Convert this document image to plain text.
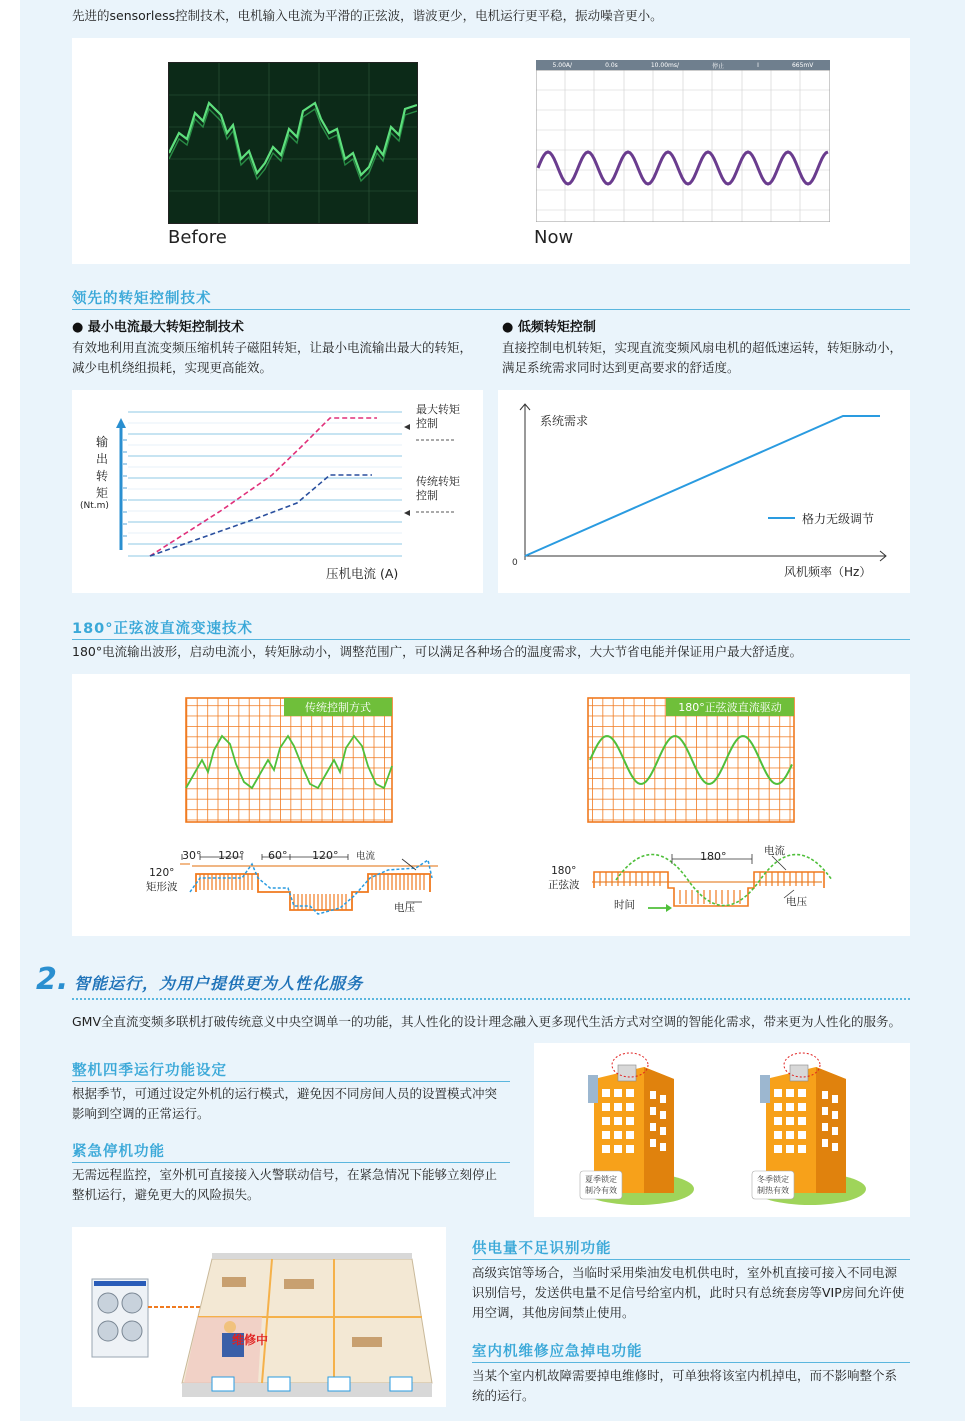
先进的sensorless控制技术，电机输入电流为平滑的正弦波，谐波更少，电机运行更平稳，振动噪音更小。
Before
5.00A/	0.0s	10.00ms/	停止	Ⅰ	665mV
Now
领先的转矩控制技术
● 最小电流最大转矩控制技术
有效地利用直流变频压缩机转子磁阻转矩，让最小电流输出最大的转矩，减少电机绕组损耗，实现更高能效。
● 低频转矩控制
直接控制电机转矩，实现直流变频风扇电机的超低速运转，转矩脉动小，满足系统需求同时达到更高要求的舒适度。
输
出
转
矩
(Nt.m)
压机电流 (A)
最大转矩
控制
传统转矩
控制
系统需求
0
格力无级调节
风机频率（Hz）
180°正弦波直流变速技术
180°电流输出波形，启动电流小，转矩脉动小，调整范围广，可以满足各种场合的温度需求，大大节省电能并保证用户最大舒适度。
传统控制方式	180°正弦波直流驱动
30° 120° 60° 120° 电流
120°
矩形波
电压
180°	电流
180°
正弦波
时间	电压
2. 智能运行，为用户提供更为人性化服务
GMV全直流变频多联机打破传统意义中央空调单一的功能，其人性化的设计理念融入更多现代生活方式对空调的智能化需求，带来更为人性化的服务。
整机四季运行功能设定
根据季节，可通过设定外机的运行模式，避免因不同房间人员的设置模式冲突影响到空调的正常运行。
紧急停机功能
无需远程监控，室外机可直接接入火警联动信号，在紧急情况下能够立刻停止整机运行，避免更大的风险损失。
夏季锁定
制冷有效
冬季锁定
制热有效
维修中
供电量不足识别功能
高级宾馆等场合，当临时采用柴油发电机供电时，室外机直接可接入不同电源识别信号，发送供电量不足信号给室内机，此时只有总统套房等VIP房间允许使用空调，其他房间禁止使用。
室内机维修应急掉电功能
当某个室内机故障需要掉电维修时，可单独将该室内机掉电，而不影响整个系统的运行。
